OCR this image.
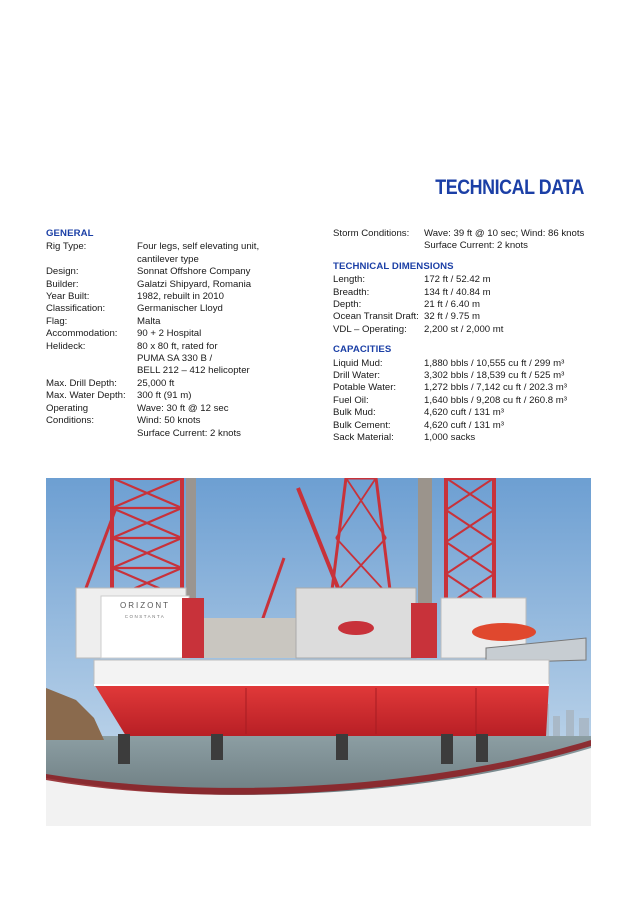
TECHNICAL DATA
GENERAL
Rig Type:	Four legs, self elevating unit,
cantilever type
Design:	Sonnat Offshore Company
Builder:	Galatzi Shipyard, Romania
Year Built:	1982, rebuilt in 2010
Classification:	Germanischer Lloyd
Flag:	Malta
Accommodation:	90 + 2 Hospital
Helideck:	80 x 80 ft, rated for
PUMA SA 330 B /
BELL 212 – 412 helicopter
Max. Drill Depth:	25,000 ft
Max. Water Depth:	300 ft (91 m)
Operating Conditions:
Wave: 30 ft @ 12 sec
Wind: 50 knots
Surface Current: 2 knots
Storm Conditions:	Wave: 39 ft @ 10 sec; Wind: 86 knots
Surface Current: 2 knots
TECHNICAL DIMENSIONS
Length:	172 ft / 52.42 m
Breadth:	134 ft / 40.84 m
Depth:	21 ft / 6.40 m
Ocean Transit Draft: 32 ft / 9.75 m
VDL – Operating:	2,200 st / 2,000 mt
CAPACITIES
Liquid Mud:	1,880 bbls / 10,555 cu ft / 299 m³
Drill Water:	3,302 bbls / 18,539 cu ft / 525 m³
Potable Water:	1,272 bbls / 7,142 cu ft / 202.3 m³
Fuel Oil:	1,640 bbls / 9,208 cu ft / 260.8 m³
Bulk Mud:	4,620 cuft / 131 m³
Bulk Cement:	4,620 cuft / 131 m³
Sack Material:	1,000 sacks
ORIZONT
CONSTANTA
